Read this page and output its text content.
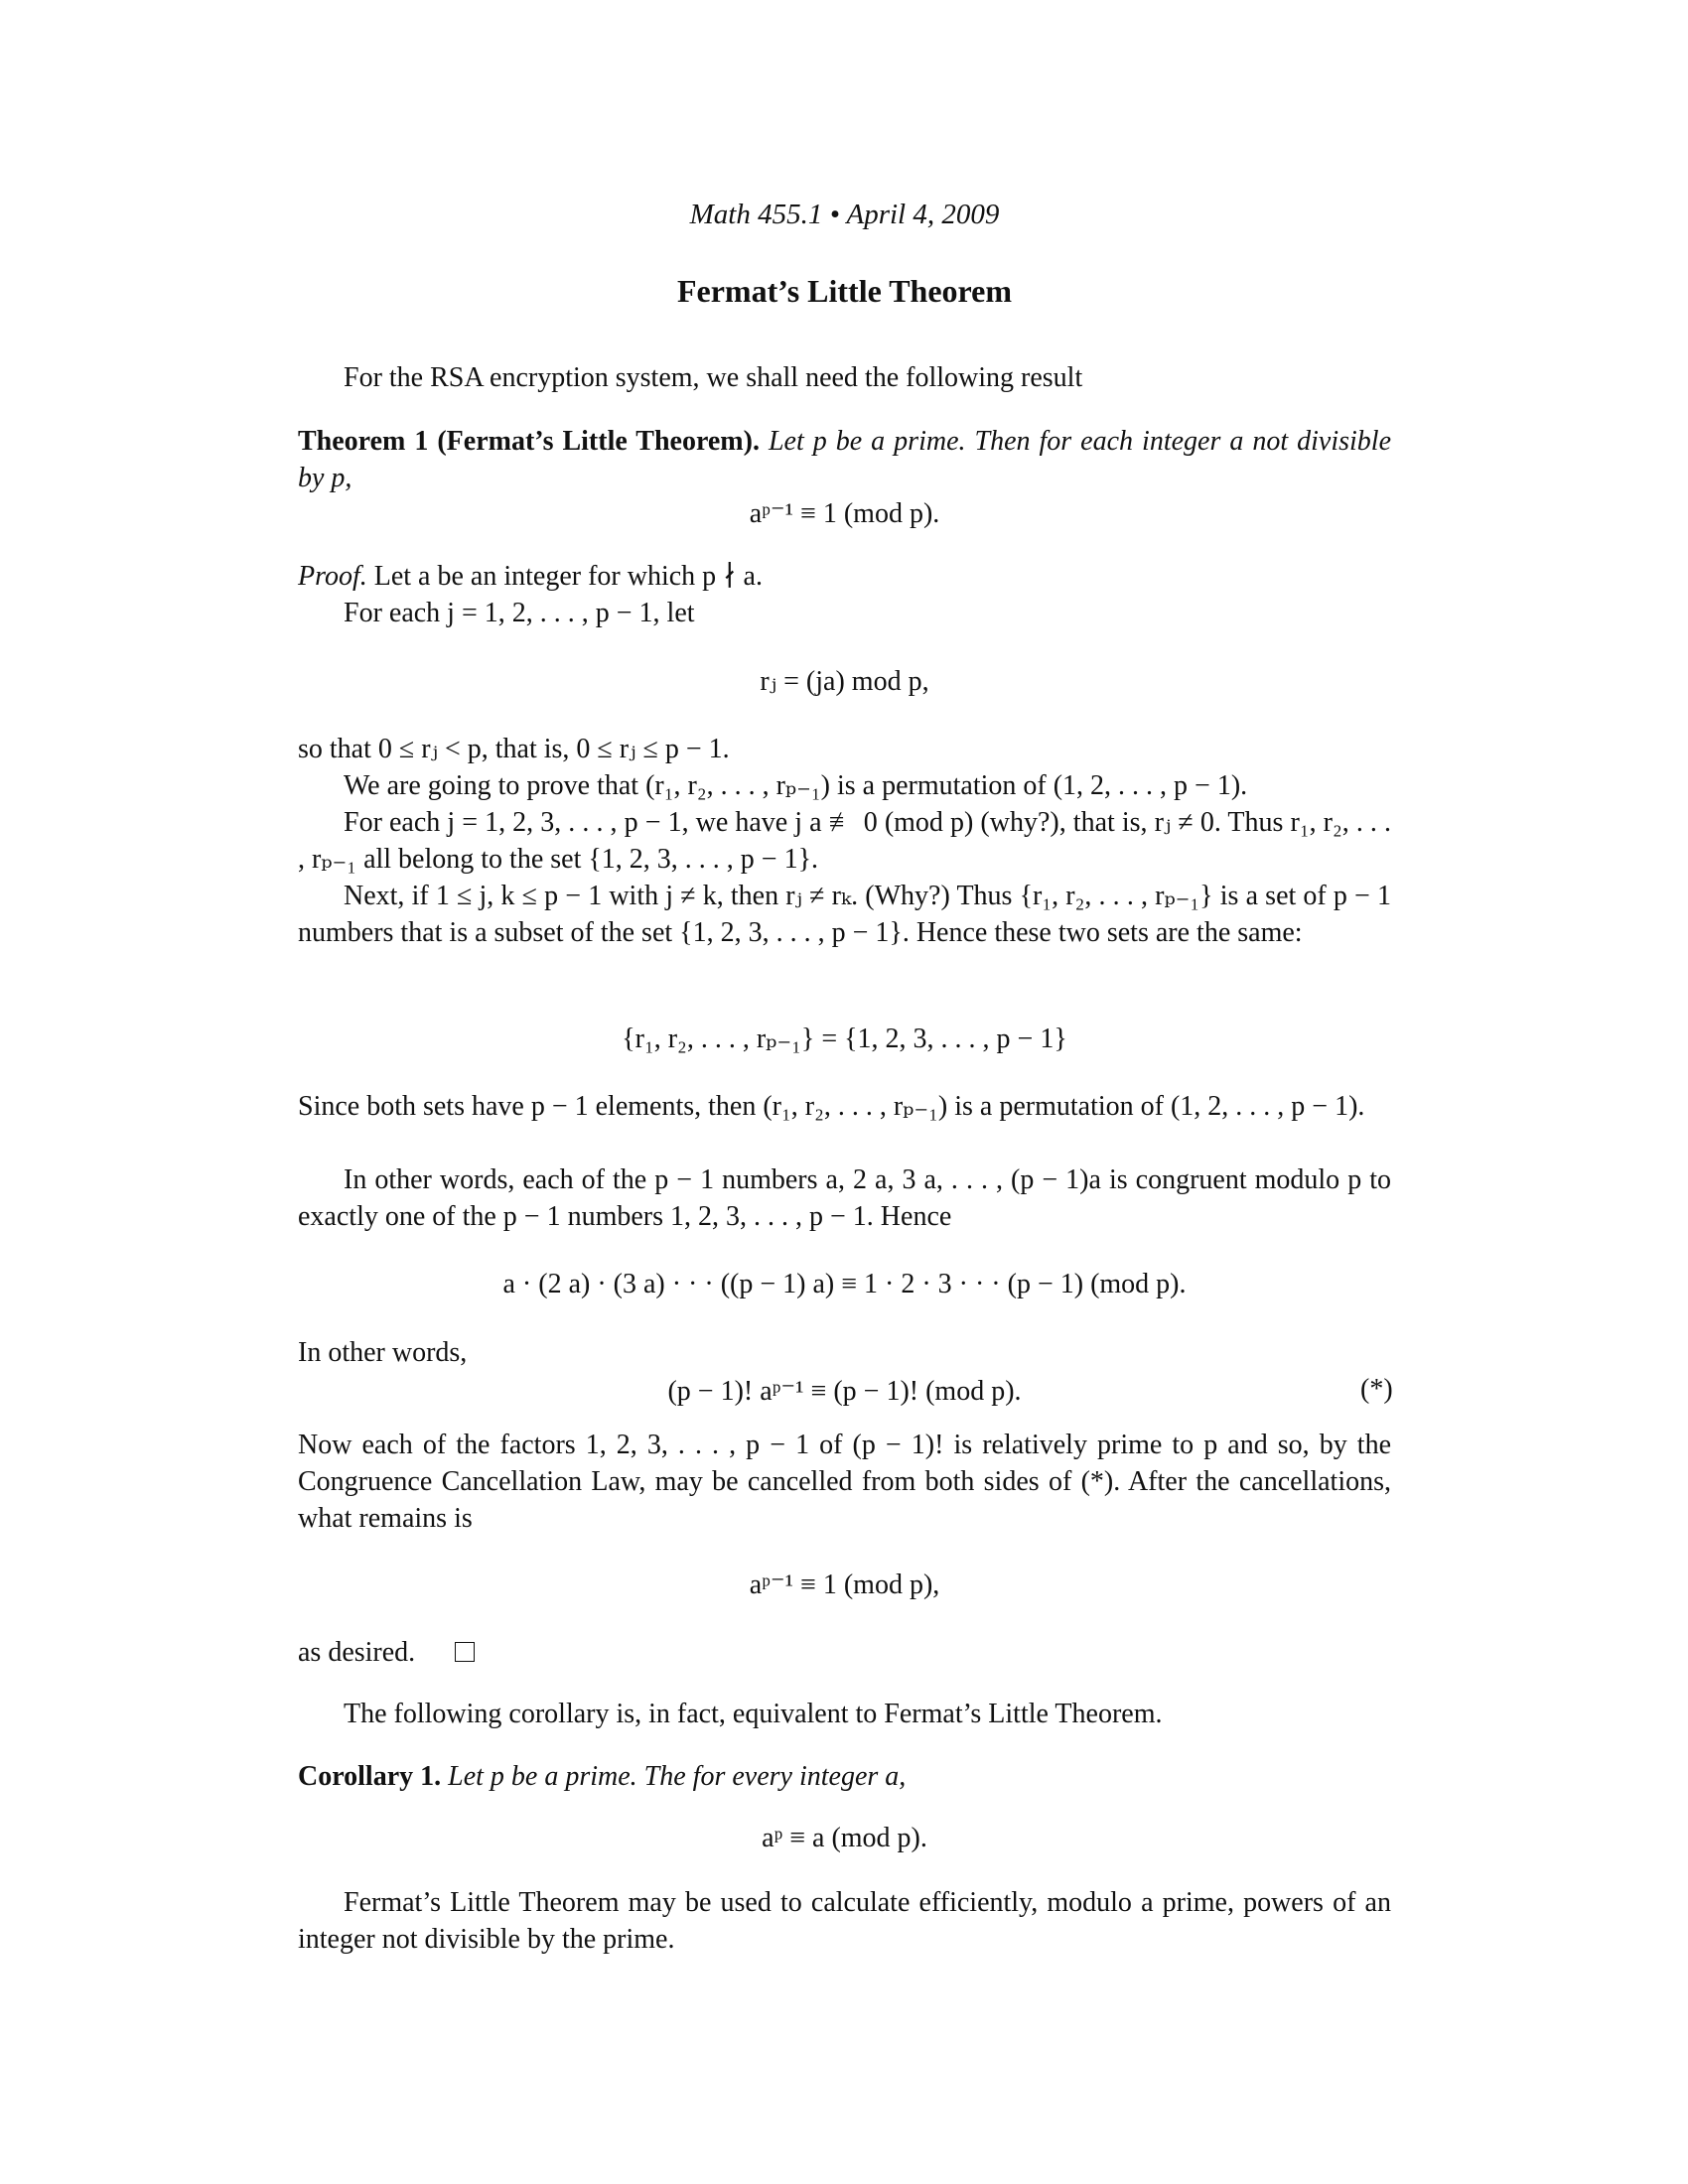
Math 455.1 • April 4, 2009
Fermat’s Little Theorem
For the RSA encryption system, we shall need the following result
Theorem 1 (Fermat’s Little Theorem). Let p be a prime. Then for each integer a not divisible by p,
aᵖ⁻¹ ≡ 1 (mod p).
Proof. Let a be an integer for which p ∤ a.
For each j = 1, 2, . . . , p − 1, let
rⱼ = (ja) mod p,
so that 0 ≤ rⱼ < p, that is, 0 ≤ rⱼ ≤ p − 1.
We are going to prove that (r₁, r₂, . . . , rₚ₋₁) is a permutation of (1, 2, . . . , p − 1).
For each j = 1, 2, 3, . . . , p − 1, we have j a ≢ 0 (mod p) (why?), that is, rⱼ ≠ 0. Thus r₁, r₂, . . . , rₚ₋₁ all belong to the set {1, 2, 3, . . . , p − 1}.
Next, if 1 ≤ j, k ≤ p − 1 with j ≠ k, then rⱼ ≠ rₖ. (Why?) Thus {r₁, r₂, . . . , rₚ₋₁} is a set of p − 1 numbers that is a subset of the set {1, 2, 3, . . . , p − 1}. Hence these two sets are the same:
{r₁, r₂, . . . , rₚ₋₁} = {1, 2, 3, . . . , p − 1}
Since both sets have p − 1 elements, then (r₁, r₂, . . . , rₚ₋₁) is a permutation of (1, 2, . . . , p − 1).
In other words, each of the p − 1 numbers a, 2 a, 3 a, . . . , (p − 1)a is congruent modulo p to exactly one of the p − 1 numbers 1, 2, 3, . . . , p − 1. Hence
a · (2 a) · (3 a) · · · ((p − 1) a) ≡ 1 · 2 · 3 · · · (p − 1) (mod p).
In other words,
(p − 1)! aᵖ⁻¹ ≡ (p − 1)! (mod p).	(*)
Now each of the factors 1, 2, 3, . . . , p − 1 of (p − 1)! is relatively prime to p and so, by the Congruence Cancellation Law, may be cancelled from both sides of (*). After the cancellations, what remains is
aᵖ⁻¹ ≡ 1 (mod p),
as desired.
The following corollary is, in fact, equivalent to Fermat’s Little Theorem.
Corollary 1. Let p be a prime. The for every integer a,
aᵖ ≡ a (mod p).
Fermat’s Little Theorem may be used to calculate efficiently, modulo a prime, powers of an integer not divisible by the prime.
